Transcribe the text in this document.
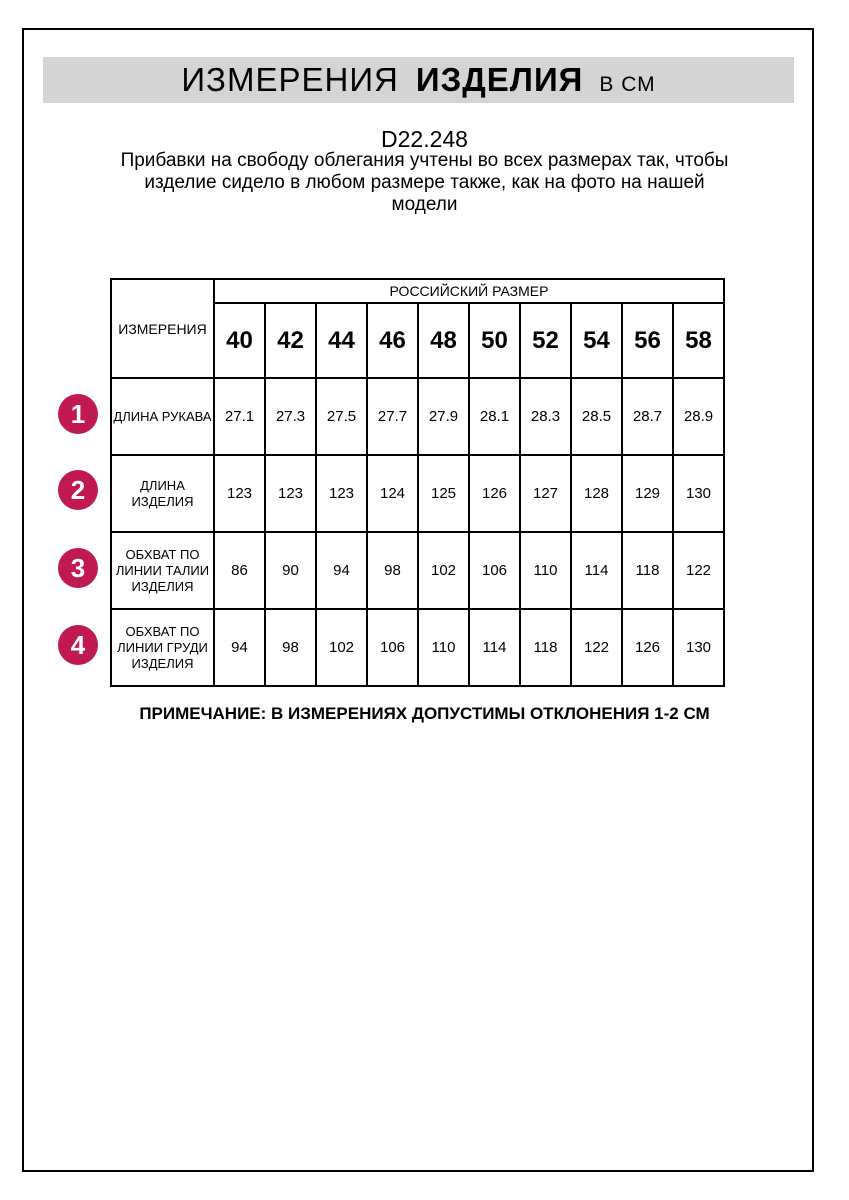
ИЗМЕРЕНИЯ ИЗДЕЛИЯ В СМ
D22.248
Прибавки на свободу облегания учтены во всех размерах так, чтобы изделие сидело в любом размере также, как на фото на нашей модели
ИЗМЕРЕНИЯ	РОССИЙСКИЙ РАЗМЕР									
	40	42	44	46	48	50	52	54	56	58
ДЛИНА РУКАВА	27.1	27.3	27.5	27.7	27.9	28.1	28.3	28.5	28.7	28.9
ДЛИНА ИЗДЕЛИЯ	123	123	123	124	125	126	127	128	129	130
ОБХВАТ ПО ЛИНИИ ТАЛИИ ИЗДЕЛИЯ	86	90	94	98	102	106	110	114	118	122
ОБХВАТ ПО ЛИНИИ ГРУДИ ИЗДЕЛИЯ	94	98	102	106	110	114	118	122	126	130
1
2
3
4
ПРИМЕЧАНИЕ: В ИЗМЕРЕНИЯХ ДОПУСТИМЫ ОТКЛОНЕНИЯ 1-2 СМ
